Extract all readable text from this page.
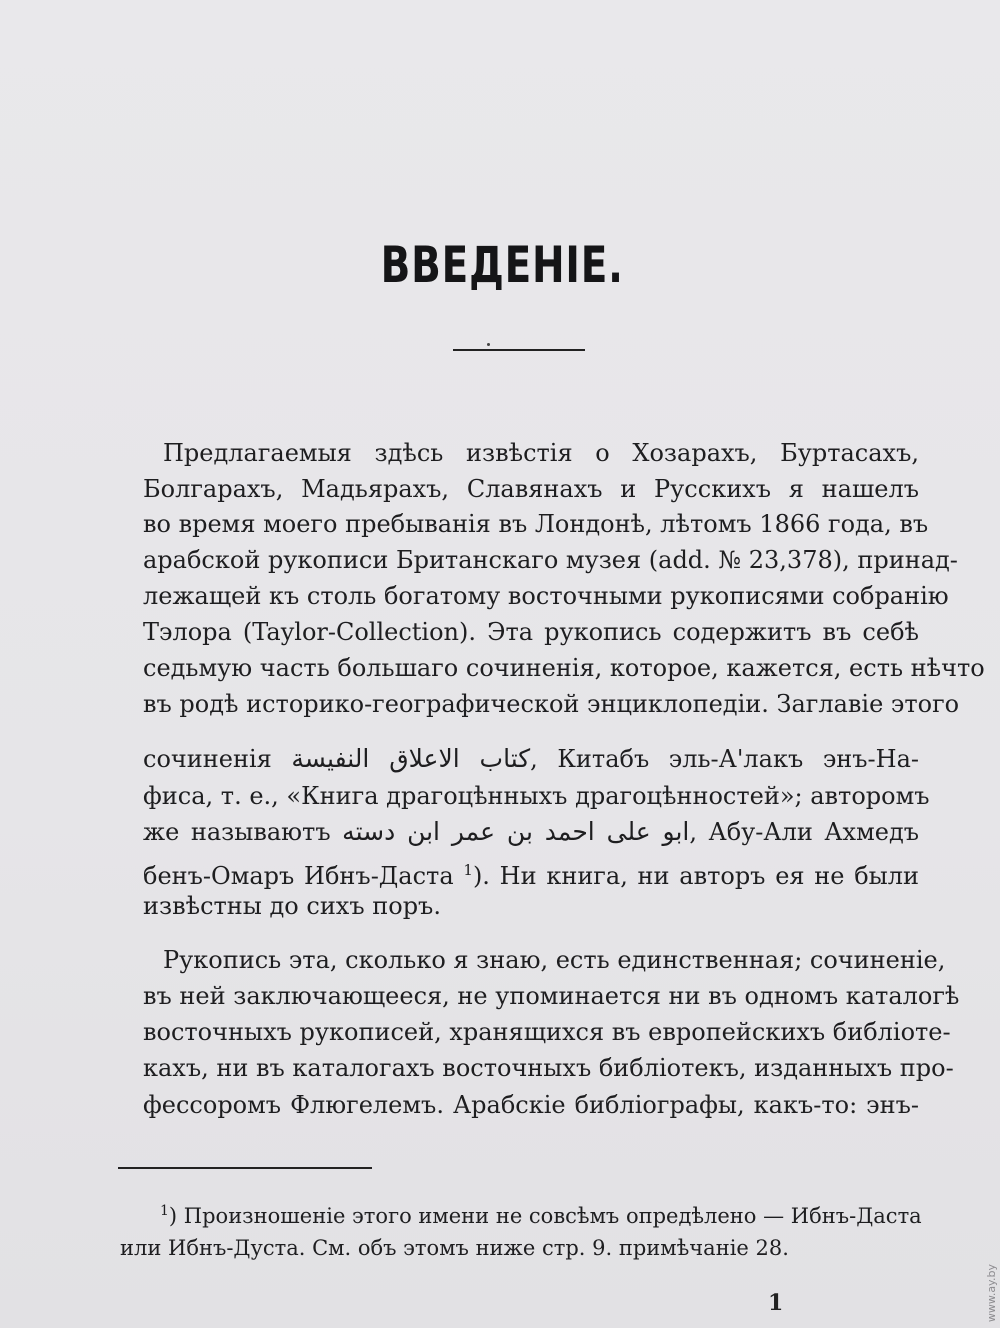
ВВЕДЕНІЕ.
Предлагаемыя здѣсь извѣстія о Хозарахъ, Буртасахъ,
Болгарахъ, Мадьярахъ, Славянахъ и Русскихъ я нашелъ
во время моего пребыванія въ Лондонѣ, лѣтомъ 1866 года, въ
арабской рукописи Британскаго музея (add. № 23,378), принад-
лежащей къ столь богатому восточными рукописями собранію
Тэлора (Taylor-Collection). Эта рукопись содержитъ въ себѣ
седьмую часть большаго сочиненія, которое, кажется, есть нѣчто
въ родѣ историко-географической энциклопедіи. Заглавіе этого
сочиненія كتاب الاعلاق النفيسة, Китабъ эль-А'лакъ энъ-На-
фиса, т. е., «Книга драгоцѣнныхъ драгоцѣнностей»; авторомъ
же называютъ ابو على احمد بن عمر ابن دسته, Абу-Али Ахмедъ
бенъ-Омаръ Ибнъ-Даста $^1$). Ни книга, ни авторъ ея не были
извѣстны до сихъ поръ.
Рукопись эта, сколько я знаю, есть единственная; сочиненіе,
въ ней заключающееся, не упоминается ни въ одномъ каталогѣ
восточныхъ рукописей, хранящихся въ европейскихъ библіоте-
кахъ, ни въ каталогахъ восточныхъ библіотекъ, изданныхъ про-
фессоромъ Флюгелемъ. Арабскіе библіографы, какъ-то: энъ-
$^1$) Произношеніе этого имени не совсѣмъ опредѣлено — Ибнъ-Даста
или Ибнъ-Дуста. См. объ этомъ ниже стр. 9. примѣчаніе 28.
1	www.ay.by
